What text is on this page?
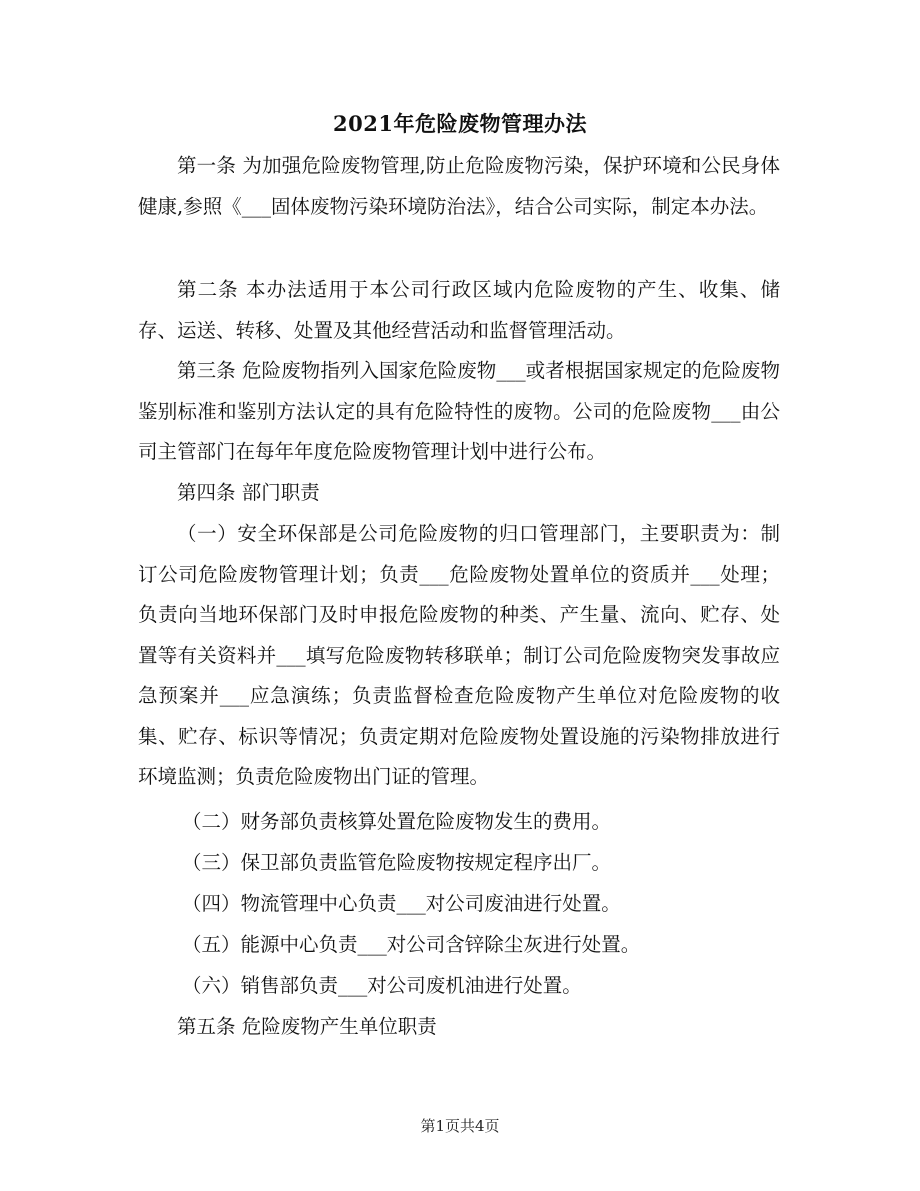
2021年危险废物管理办法
第一条 为加强危险废物管理,防止危险废物污染，保护环境和公民身体健康,参照《___固体废物污染环境防治法》，结合公司实际，制定本办法。
第二条 本办法适用于本公司行政区域内危险废物的产生、收集、储存、运送、转移、处置及其他经营活动和监督管理活动。
第三条 危险废物指列入国家危险废物___或者根据国家规定的危险废物鉴别标准和鉴别方法认定的具有危险特性的废物。公司的危险废物___由公司主管部门在每年年度危险废物管理计划中进行公布。
第四条 部门职责
（一）安全环保部是公司危险废物的归口管理部门，主要职责为：制订公司危险废物管理计划；负责___危险废物处置单位的资质并___处理；负责向当地环保部门及时申报危险废物的种类、产生量、流向、贮存、处置等有关资料并___填写危险废物转移联单；制订公司危险废物突发事故应急预案并___应急演练；负责监督检查危险废物产生单位对危险废物的收集、贮存、标识等情况；负责定期对危险废物处置设施的污染物排放进行环境监测；负责危险废物出门证的管理。
（二）财务部负责核算处置危险废物发生的费用。
（三）保卫部负责监管危险废物按规定程序出厂。
（四）物流管理中心负责___对公司废油进行处置。
（五）能源中心负责___对公司含锌除尘灰进行处置。
（六）销售部负责___对公司废机油进行处置。
第五条 危险废物产生单位职责
第1页共4页
